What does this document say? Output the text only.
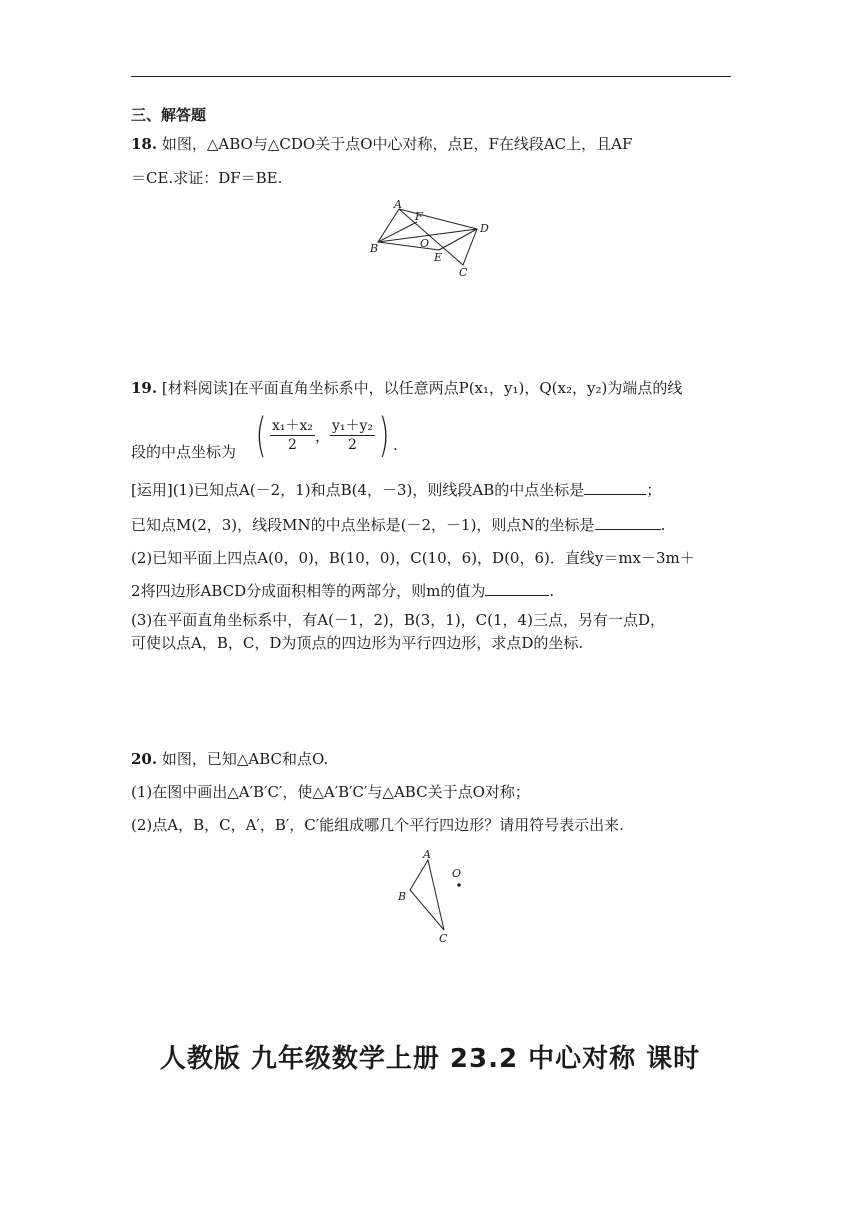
三、解答题
18. 如图，△ABO与△CDO关于点O中心对称，点E，F在线段AC上，且AF
＝CE.求证：DF＝BE.
A
F
D
B	O
E
C
19. [材料阅读]在平面直角坐标系中，以任意两点P(x₁，y₁)，Q(x₂，y₂)为端点的线
段的中点坐标为 ( $\frac{\text{x₁＋x₂}}{2}$ ， $\frac{\text{y₁＋y₂}}{2}$ ) .
[运用](1)已知点A(－2，1)和点B(4，－3)，则线段AB的中点坐标是	；
已知点M(2，3)，线段MN的中点坐标是(－2，－1)，则点N的坐标是	.
(2)已知平面上四点A(0，0)，B(10，0)，C(10，6)，D(0，6)．直线y＝mx－3m＋
2将四边形ABCD分成面积相等的两部分，则m的值为	.
(3)在平面直角坐标系中，有A(－1，2)，B(3，1)，C(1，4)三点，另有一点D，
可使以点A，B，C，D为顶点的四边形为平行四边形，求点D的坐标.
20. 如图，已知△ABC和点O.
(1)在图中画出△A′B′C′，使△A′B′C′与△ABC关于点O对称；
(2)点A，B，C，A′，B′，C′能组成哪几个平行四边形？请用符号表示出来.
A
B
C
O
人教版 九年级数学上册 23.2 中心对称 课时
